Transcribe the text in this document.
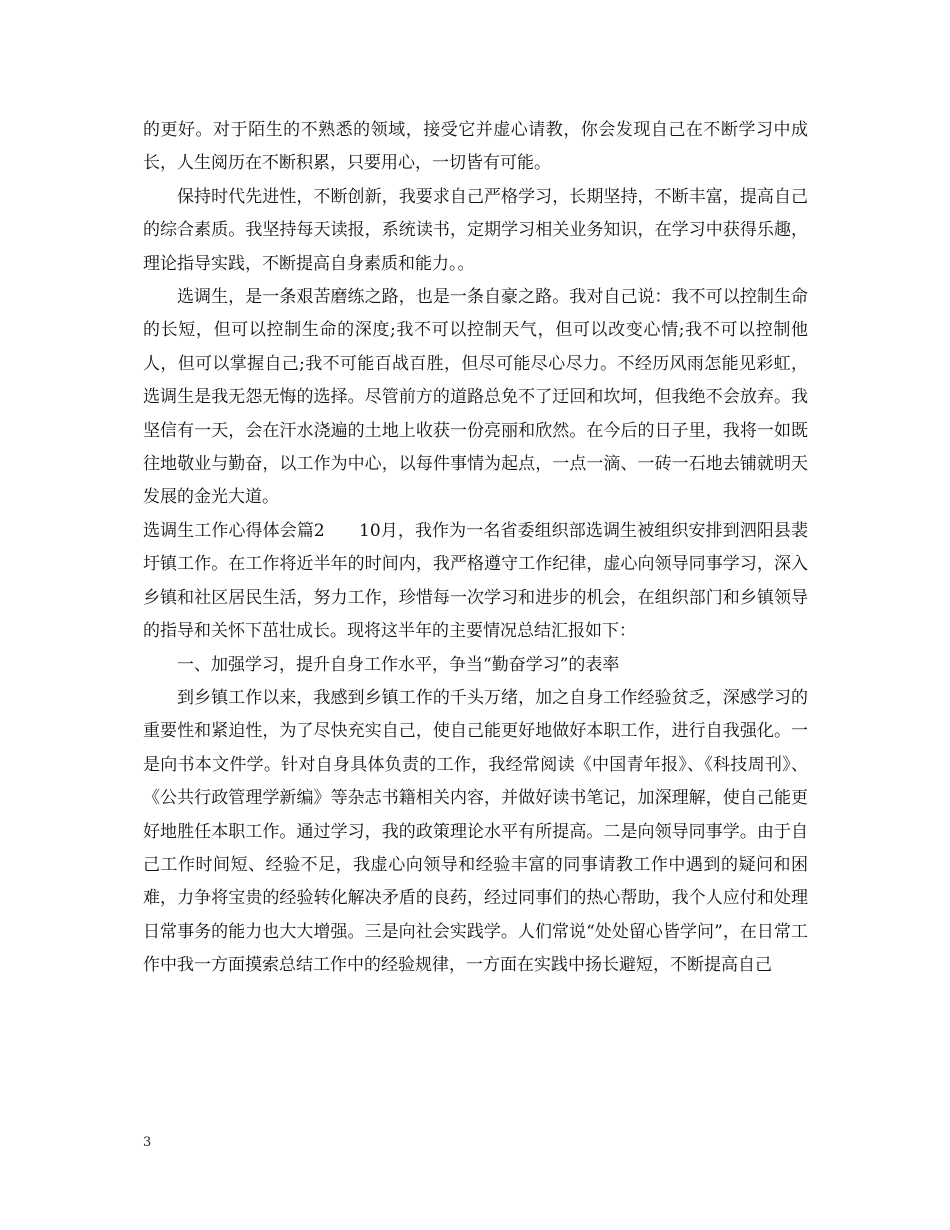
的更好。对于陌生的不熟悉的领域，接受它并虚心请教，你会发现自己在不断学习中成长，人生阅历在不断积累，只要用心，一切皆有可能。

保持时代先进性，不断创新，我要求自己严格学习，长期坚持，不断丰富，提高自己的综合素质。我坚持每天读报，系统读书，定期学习相关业务知识，在学习中获得乐趣，理论指导实践，不断提高自身素质和能力。。

选调生，是一条艰苦磨练之路，也是一条自豪之路。我对自己说：我不可以控制生命的长短，但可以控制生命的深度;我不可以控制天气，但可以改变心情;我不可以控制他人，但可以掌握自己;我不可能百战百胜，但尽可能尽心尽力。不经历风雨怎能见彩虹，选调生是我无怨无悔的选择。尽管前方的道路总免不了迂回和坎坷，但我绝不会放弃。我坚信有一天，会在汗水浇遍的土地上收获一份亮丽和欣然。在今后的日子里，我将一如既往地敬业与勤奋，以工作为中心，以每件事情为起点，一点一滴、一砖一石地去铺就明天发展的金光大道。

选调生工作心得体会篇2　　10月，我作为一名省委组织部选调生被组织安排到泗阳县裴圩镇工作。在工作将近半年的时间内，我严格遵守工作纪律，虚心向领导同事学习，深入乡镇和社区居民生活，努力工作，珍惜每一次学习和进步的机会，在组织部门和乡镇领导的指导和关怀下茁壮成长。现将这半年的主要情况总结汇报如下：

一、加强学习，提升自身工作水平，争当“勤奋学习”的表率

到乡镇工作以来，我感到乡镇工作的千头万绪，加之自身工作经验贫乏，深感学习的重要性和紧迫性，为了尽快充实自己，使自己能更好地做好本职工作，进行自我强化。一是向书本文件学。针对自身具体负责的工作，我经常阅读《中国青年报》、《科技周刊》、《公共行政管理学新编》等杂志书籍相关内容，并做好读书笔记，加深理解，使自己能更好地胜任本职工作。通过学习，我的政策理论水平有所提高。二是向领导同事学。由于自己工作时间短、经验不足，我虚心向领导和经验丰富的同事请教工作中遇到的疑问和困难，力争将宝贵的经验转化解决矛盾的良药，经过同事们的热心帮助，我个人应付和处理日常事务的能力也大大增强。三是向社会实践学。人们常说“处处留心皆学问”，在日常工作中我一方面摸索总结工作中的经验规律，一方面在实践中扬长避短，不断提高自己

3
